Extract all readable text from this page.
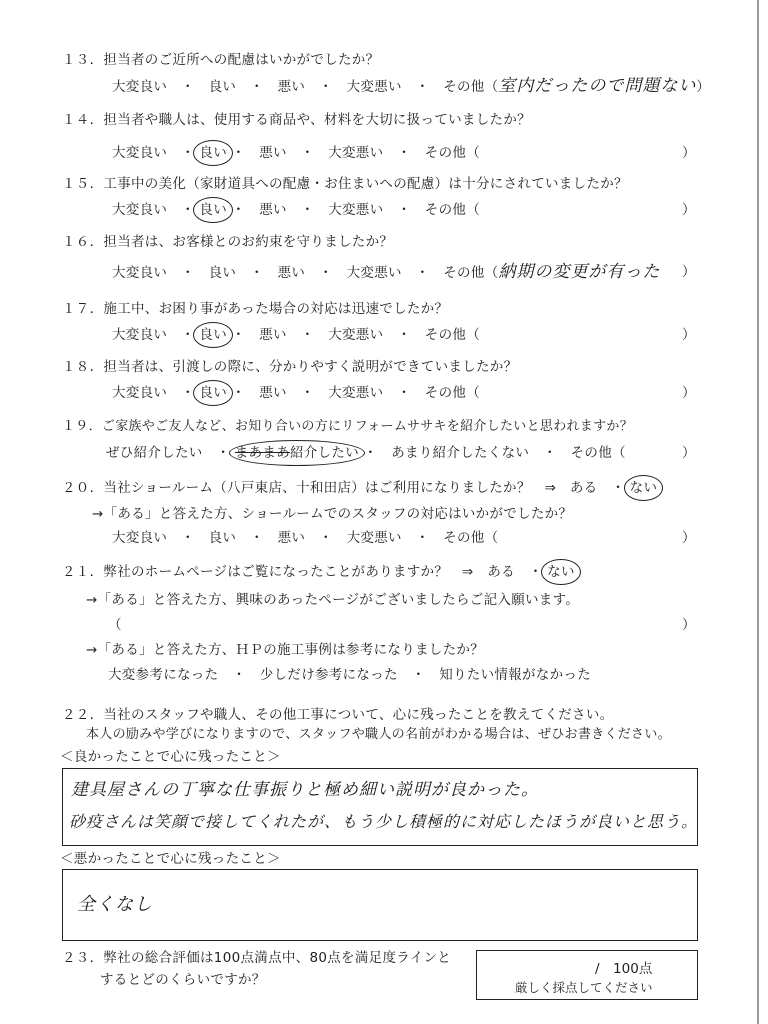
１３．担当者のご近所への配慮はいかがでしたか？
大変良い　・　良い　・　悪い　・　大変悪い　・　その他（室内だったので問題ない）
１４．担当者や職人は、使用する商品や、材料を大切に扱っていましたか？
大変良い　・ 良い ・　悪い　・　大変悪い　・　その他（	）
１５．工事中の美化（家財道具への配慮・お住まいへの配慮）は十分にされていましたか？
大変良い　・ 良い ・　悪い　・　大変悪い　・　その他（	）
１６．担当者は、お客様とのお約束を守りましたか？
大変良い　・　良い　・　悪い　・　大変悪い　・　その他（納期の変更が有った ）
１７．施工中、お困り事があった場合の対応は迅速でしたか？
大変良い　・ 良い ・　悪い　・　大変悪い　・　その他（	）
１８．担当者は、引渡しの際に、分かりやすく説明ができていましたか？
大変良い　・ 良い ・　悪い　・　大変悪い　・　その他（	）
１９．ご家族やご友人など、お知り合いの方にリフォームササキを紹介したいと思われますか？
ぜひ紹介したい　・ まあまあ紹介したい ・　あまり紹介したくない　・　その他（	）
２０．当社ショールーム（八戸東店、十和田店）はご利用になりましたか？　⇒　ある　・ ない
→「ある」と答えた方、ショールームでのスタッフの対応はいかがでしたか？
大変良い　・　良い　・　悪い　・　大変悪い　・　その他（	）
２１．弊社のホームページはご覧になったことがありますか？　⇒　ある　・ ない
→「ある」と答えた方、興味のあったページがございましたらご記入願います。
（	）
→「ある」と答えた方、ＨＰの施工事例は参考になりましたか？
大変参考になった　・　少しだけ参考になった　・　知りたい情報がなかった
２２．当社のスタッフや職人、その他工事について、心に残ったことを教えてください。
本人の励みや学びになりますので、スタッフや職人の名前がわかる場合は、ぜひお書きください。
＜良かったことで心に残ったこと＞
建具屋さんの丁寧な仕事振りと極め細い説明が良かった。
砂疫さんは笑顔で接してくれたが、もう少し積極的に対応したほうが良いと思う。
＜悪かったことで心に残ったこと＞
全くなし
２３．弊社の総合評価は100点満点中、80点を満足度ラインと
するとどのくらいですか？
/　100点
厳しく採点してください
